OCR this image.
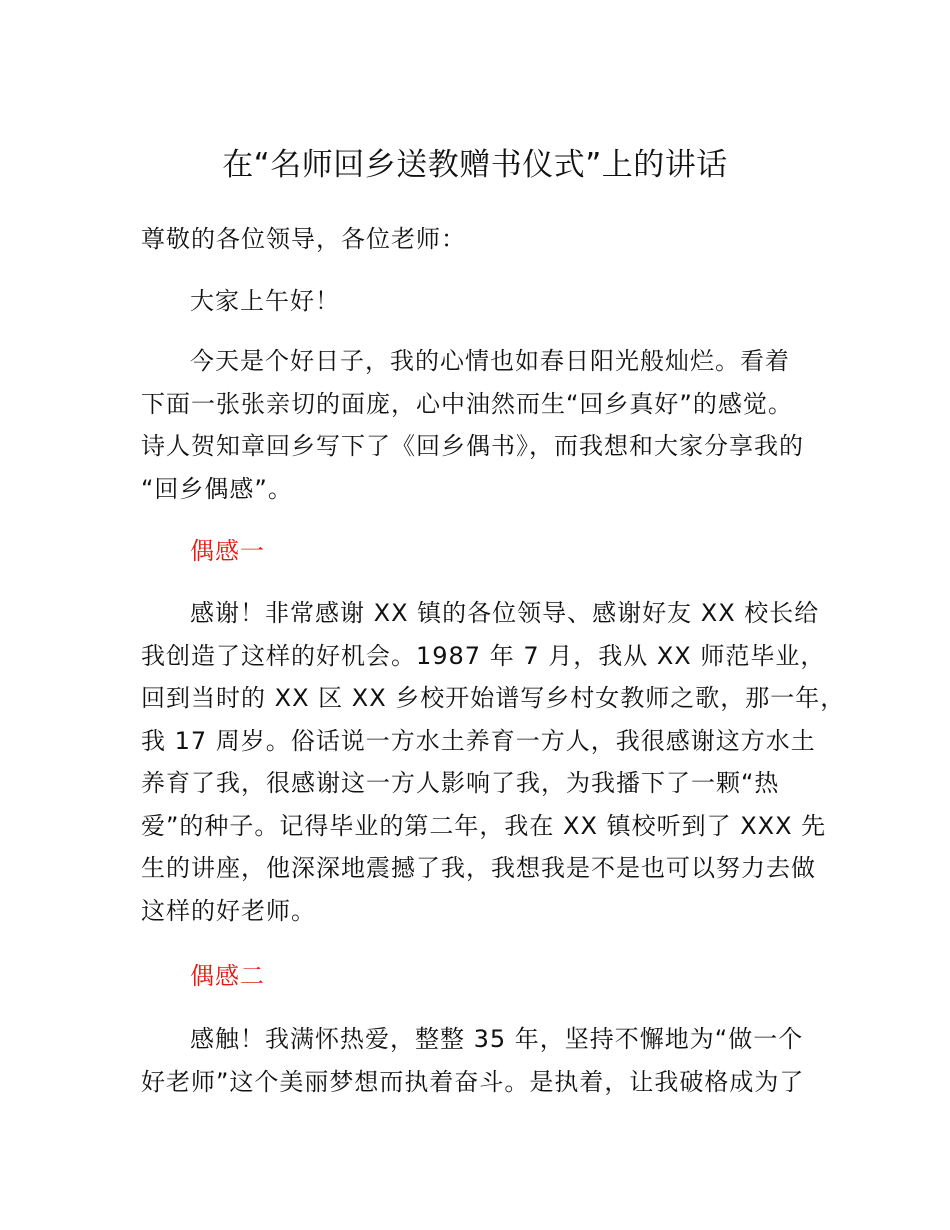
在“名师回乡送教赠书仪式”上的讲话

尊敬的各位领导，各位老师：

大家上午好！

今天是个好日子，我的心情也如春日阳光般灿烂。看着
下面一张张亲切的面庞，心中油然而生“回乡真好”的感觉。
诗人贺知章回乡写下了《回乡偶书》，而我想和大家分享我的
“回乡偶感”。

偶感一

感谢！非常感谢 XX 镇的各位领导、感谢好友 XX 校长给
我创造了这样的好机会。1987 年 7 月，我从 XX 师范毕业，
回到当时的 XX 区 XX 乡校开始谱写乡村女教师之歌，那一年，
我 17 周岁。俗话说一方水土养育一方人，我很感谢这方水土
养育了我，很感谢这一方人影响了我，为我播下了一颗“热
爱”的种子。记得毕业的第二年，我在 XX 镇校听到了 XXX 先
生的讲座，他深深地震撼了我，我想我是不是也可以努力去做
这样的好老师。

偶感二

感触！我满怀热爱，整整 35 年，坚持不懈地为“做一个
好老师”这个美丽梦想而执着奋斗。是执着，让我破格成为了
